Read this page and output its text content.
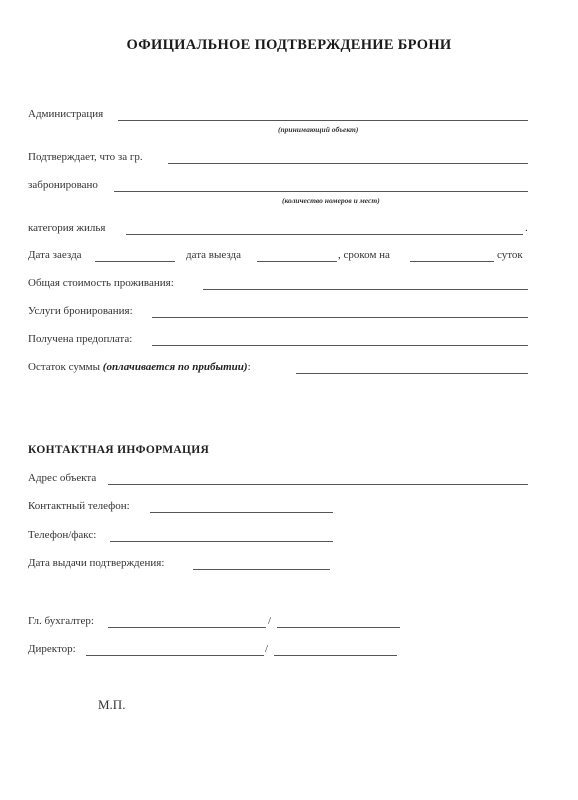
ОФИЦИАЛЬНОЕ ПОДТВЕРЖДЕНИЕ БРОНИ
Администрация
(принимающий объект)
Подтверждает, что за гр.
забронировано
(количество номеров и мест)
категория жилья	.
Дата заезда	дата выезда	, сроком на	суток
Общая стоимость проживания:
Услуги бронирования:
Получена предоплата:
Остаток суммы (оплачивается по прибытии):
КОНТАКТНАЯ ИНФОРМАЦИЯ
Адрес объекта
Контактный телефон:
Телефон/факс:
Дата выдачи подтверждения:
Гл. бухгалтер:	/
Директор:	/
М.П.
